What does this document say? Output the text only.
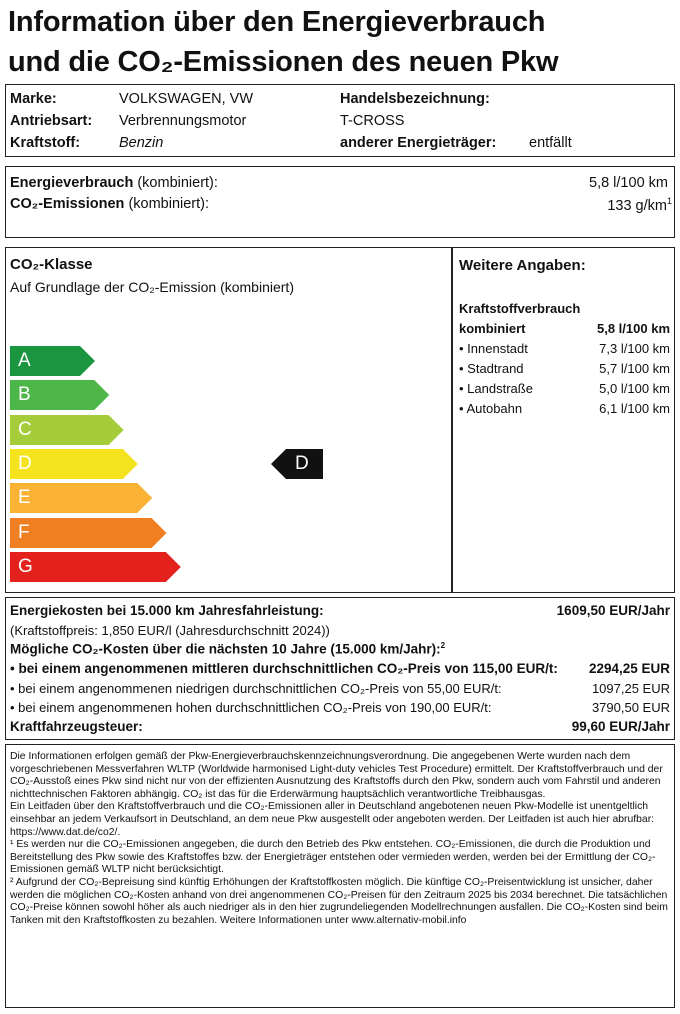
Information über den Energieverbrauch
und die CO₂-Emissionen des neuen Pkw
Marke:	VOLKSWAGEN, VW
Antriebsart: Verbrennungsmotor
Kraftstoff:	Benzin
Handelsbezeichnung:
T-CROSS
anderer Energieträger: entfällt
Energieverbrauch (kombiniert):	5,8 l/100 km
CO₂-Emissionen (kombiniert):	133 $g/km^1$
CO₂-Klasse
Auf Grundlage der CO₂-Emission (kombiniert)
A
B
C
D
E
F
G
D
Weitere Angaben:
Kraftstoffverbrauch
kombiniert	5,8 l/100 km
• Innenstadt	7,3 l/100 km
• Stadtrand	5,7 l/100 km
• Landstraße	5,0 l/100 km
• Autobahn	6,1 l/100 km
Energiekosten bei 15.000 km Jahresfahrleistung:	1609,50 EUR/Jahr
(Kraftstoffpreis: 1,850 EUR/l (Jahresdurchschnitt 2024))
Mögliche CO₂-Kosten über die nächsten 10 Jahre (15.000 km/Jahr):$^2$
• bei einem angenommenen mittleren durchschnittlichen CO₂-Preis von 115,00 EUR/t: 2294,25 EUR
• bei einem angenommenen niedrigen durchschnittlichen CO₂-Preis von 55,00 EUR/t:	1097,25 EUR
• bei einem angenommenen hohen durchschnittlichen CO₂-Preis von 190,00 EUR/t:	3790,50 EUR
Kraftfahrzeugsteuer:	99,60 EUR/Jahr

Die Informationen erfolgen gemäß der Pkw-Energieverbrauchskennzeichnungsverordnung. Die angegebenen Werte wurden nach dem vorgeschriebenen Messverfahren WLTP (Worldwide harmonised Light-duty vehicles Test Procedure) ermittelt. Der Kraftstoffverbrauch und der CO₂-Ausstoß eines Pkw sind nicht nur von der effizienten Ausnutzung des Kraftstoffs durch den Pkw, sondern auch vom Fahrstil und anderen nichttechnischen Faktoren abhängig. CO₂ ist das für die Erderwärmung hauptsächlich verantwortliche Treibhausgas.

Ein Leitfaden über den Kraftstoffverbrauch und die CO₂-Emissionen aller in Deutschland angebotenen neuen Pkw-Modelle ist unentgeltlich einsehbar an jedem Verkaufsort in Deutschland, an dem neue Pkw ausgestellt oder angeboten werden. Der Leitfaden ist auch hier abrufbar: https://www.dat.de/co2/.

¹ Es werden nur die CO₂-Emissionen angegeben, die durch den Betrieb des Pkw entstehen. CO₂-Emissionen, die durch die Produktion und Bereitstellung des Pkw sowie des Kraftstoffes bzw. der Energieträger entstehen oder vermieden werden, werden bei der Ermittlung der CO₂-Emissionen gemäß WLTP nicht berücksichtigt.

² Aufgrund der CO₂-Bepreisung sind künftig Erhöhungen der Kraftstoffkosten möglich. Die künftige CO₂-Preisentwicklung ist unsicher, daher werden die möglichen CO₂-Kosten anhand von drei angenommenen CO₂-Preisen für den Zeitraum 2025 bis 2034 berechnet. Die tatsächlichen CO₂-Preise können sowohl höher als auch niedriger als in den hier zugrundeliegenden Modellrechnungen ausfallen. Die CO₂-Kosten sind beim Tanken mit den Kraftstoffkosten zu bezahlen. Weitere Informationen unter www.alternativ-mobil.info
